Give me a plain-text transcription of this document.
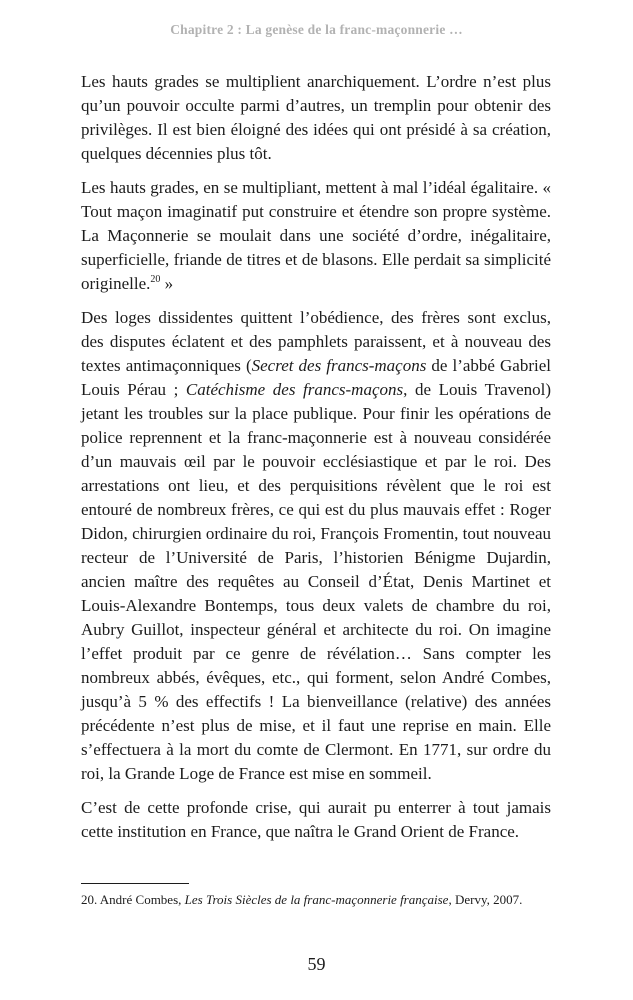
Chapitre 2 : La genèse de la franc-maçonnerie …

Les hauts grades se multiplient anarchiquement. L’ordre n’est plus qu’un pouvoir occulte parmi d’autres, un tremplin pour obtenir des privilèges. Il est bien éloigné des idées qui ont présidé à sa création, quelques décennies plus tôt.

Les hauts grades, en se multipliant, mettent à mal l’idéal égalitaire. « Tout maçon imaginatif put construire et étendre son propre système. La Maçonnerie se moulait dans une société d’ordre, inégalitaire, superficielle, friande de titres et de blasons. Elle perdait sa simplicité originelle.$^{20}$ »

Des loges dissidentes quittent l’obédience, des frères sont exclus, des disputes éclatent et des pamphlets paraissent, et à nouveau des textes antimaçonniques (Secret des francs-maçons de l’abbé Gabriel Louis Pérau ; Catéchisme des francs-maçons, de Louis Travenol) jetant les troubles sur la place publique. Pour finir les opérations de police reprennent et la franc-maçonnerie est à nouveau considérée d’un mauvais œil par le pouvoir ecclésiastique et par le roi. Des arrestations ont lieu, et des perquisitions révèlent que le roi est entouré de nombreux frères, ce qui est du plus mauvais effet : Roger Didon, chirurgien ordinaire du roi, François Fromentin, tout nouveau recteur de l’Université de Paris, l’historien Bénigme Dujardin, ancien maître des requêtes au Conseil d’État, Denis Martinet et Louis-Alexandre Bontemps, tous deux valets de chambre du roi, Aubry Guillot, inspecteur général et architecte du roi. On imagine l’effet produit par ce genre de révélation… Sans compter les nombreux abbés, évêques, etc., qui forment, selon André Combes, jusqu’à 5 % des effectifs ! La bienveillance (relative) des années précédente n’est plus de mise, et il faut une reprise en main. Elle s’effectuera à la mort du comte de Clermont. En 1771, sur ordre du roi, la Grande Loge de France est mise en sommeil.

C’est de cette profonde crise, qui aurait pu enterrer à tout jamais cette institution en France, que naîtra le Grand Orient de France.

20. André Combes, Les Trois Siècles de la franc-maçonnerie française, Dervy, 2007.
59
